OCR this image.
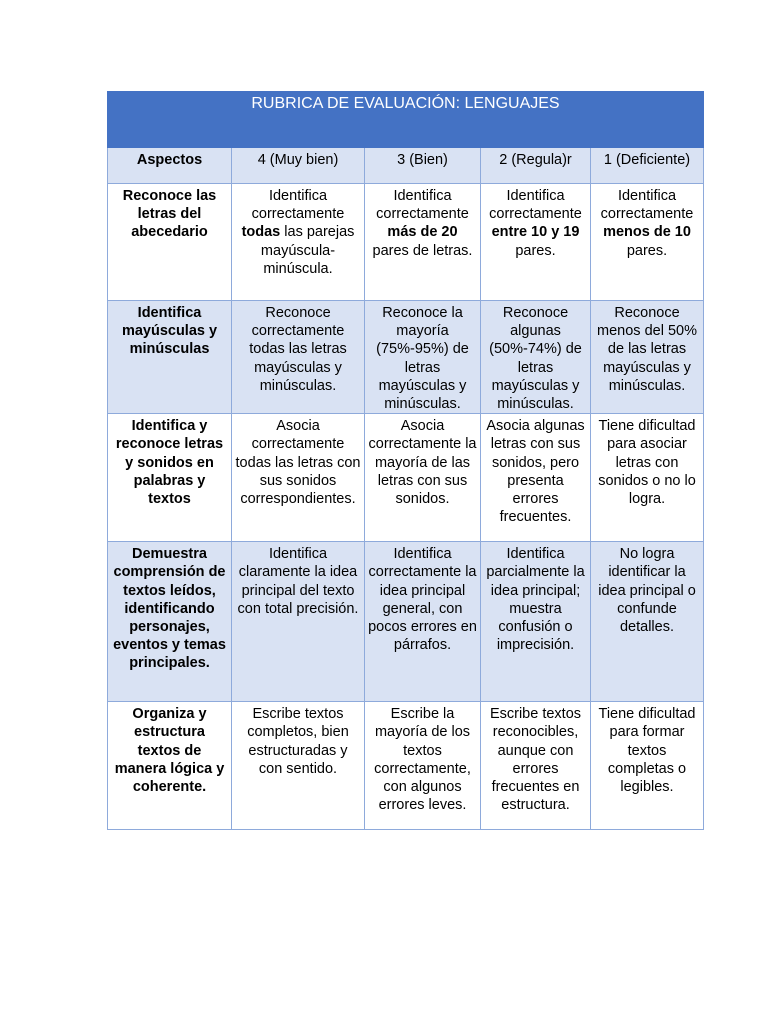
RUBRICA DE EVALUACIÓN: LENGUAJES				
Aspectos	4 (Muy bien)	3 (Bien)	2 (Regula)r	1 (Deficiente)
Reconoce las letras del abecedario	Identifica correctamente todas las parejas mayúscula-minúscula.	Identifica correctamente más de 20 pares de letras.	Identifica correctamente entre 10 y 19 pares.	Identifica correctamente menos de 10 pares.
Identifica mayúsculas y minúsculas	Reconoce correctamente todas las letras mayúsculas y minúsculas.	Reconoce la mayoría (75%-95%) de letras mayúsculas y minúsculas.	Reconoce algunas (50%-74%) de letras mayúsculas y minúsculas.	Reconoce menos del 50% de las letras mayúsculas y minúsculas.
Identifica y reconoce letras y sonidos en palabras y textos	Asocia correctamente todas las letras con sus sonidos correspondientes.	Asocia correctamente la mayoría de las letras con sus sonidos.	Asocia algunas letras con sus sonidos, pero presenta errores frecuentes.	Tiene dificultad para asociar letras con sonidos o no lo logra.
Demuestra comprensión de textos leídos, identificando personajes, eventos y temas principales.	Identifica claramente la idea principal del texto con total precisión.	Identifica correctamente la idea principal general, con pocos errores en párrafos.	Identifica parcialmente la idea principal; muestra confusión o imprecisión.	No logra identificar la idea principal o confunde detalles.
Organiza y estructura textos de manera lógica y coherente.	Escribe textos completos, bien estructuradas y con sentido.	Escribe la mayoría de los textos correctamente, con algunos errores leves.	Escribe textos reconocibles, aunque con errores frecuentes en estructura.	Tiene dificultad para formar textos completas o legibles.
